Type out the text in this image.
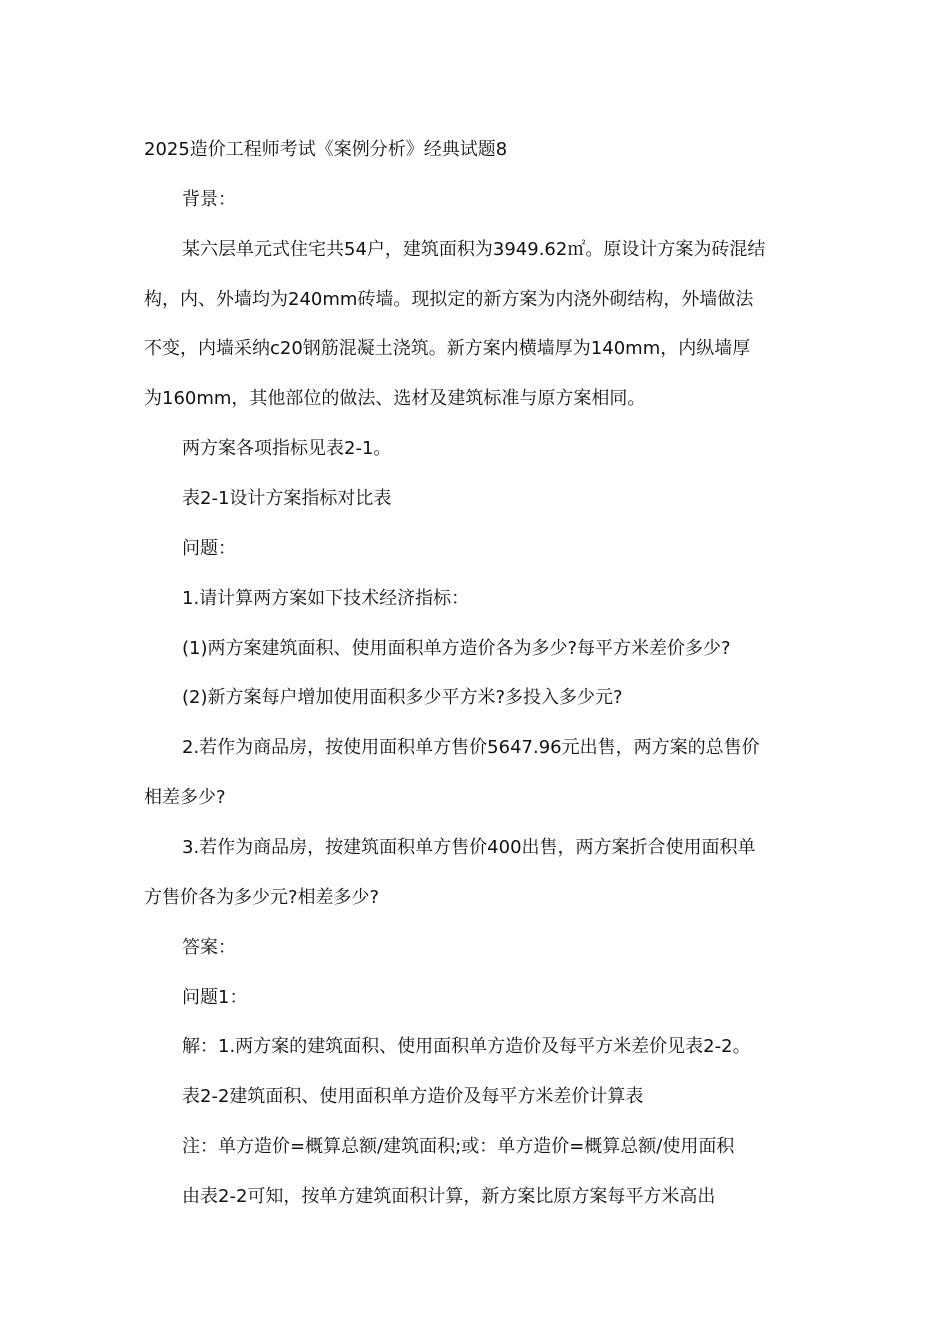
2025造价工程师考试《案例分析》经典试题8
背景：
某六层单元式住宅共54户，建筑面积为3949.62㎡。原设计方案为砖混结
构，内、外墙均为240mm砖墙。现拟定的新方案为内浇外砌结构，外墙做法
不变，内墙采纳c20钢筋混凝土浇筑。新方案内横墙厚为140mm，内纵墙厚
为160mm，其他部位的做法、选材及建筑标准与原方案相同。
两方案各项指标见表2-1。
表2-1设计方案指标对比表
问题：
1.请计算两方案如下技术经济指标：
(1)两方案建筑面积、使用面积单方造价各为多少?每平方米差价多少?
(2)新方案每户增加使用面积多少平方米?多投入多少元?
2.若作为商品房，按使用面积单方售价5647.96元出售，两方案的总售价
相差多少?
3.若作为商品房，按建筑面积单方售价400出售，两方案折合使用面积单
方售价各为多少元?相差多少?
答案：
问题1：
解：1.两方案的建筑面积、使用面积单方造价及每平方米差价见表2-2。
表2-2建筑面积、使用面积单方造价及每平方米差价计算表
注：单方造价=概算总额/建筑面积;或：单方造价=概算总额/使用面积
由表2-2可知，按单方建筑面积计算，新方案比原方案每平方米高出
